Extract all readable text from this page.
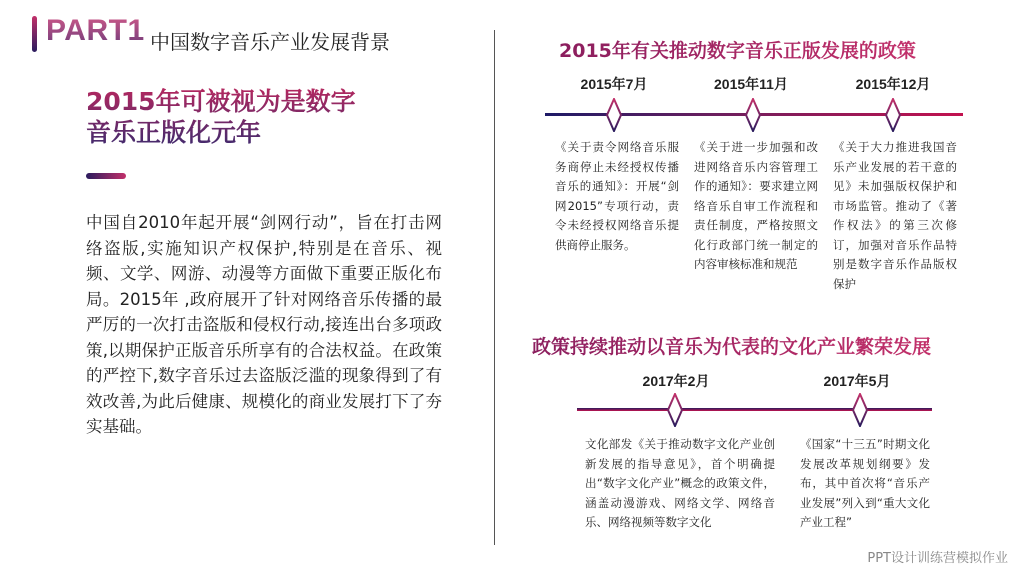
PART1 中国数字音乐产业发展背景
2015年可被视为是数字
音乐正版化元年
中国自2010年起开展“剑网行动”，旨在打击网络盗版,实施知识产权保护,特别是在音乐、视频、文学、网游、动漫等方面做下重要正版化布局。2015年 ,政府展开了针对网络音乐传播的最严厉的一次打击盗版和侵权行动,接连出台多项政策,以期保护正版音乐所享有的合法权益。在政策的严控下,数字音乐过去盗版泛滥的现象得到了有效改善,为此后健康、规模化的商业发展打下了夯实基础。
2015年有关推动数字音乐正版发展的政策
2015年7月	2015年11月	2015年12月
《关于责令网络音乐服务商停止未经授权传播音乐的通知》：开展“剑网2015”专项行动，责令未经授权网络音乐提供商停止服务。
《关于进一步加强和改进网络音乐内容管理工作的通知》：要求建立网络音乐自审工作流程和责任制度，严格按照文化行政部门统一制定的内容审核标准和规范
《关于大力推进我国音乐产业发展的若干意的见》未加强版权保护和市场监管。推动了《著作权法》的第三次修订，加强对音乐作品特别是数字音乐作品版权保护
政策持续推动以音乐为代表的文化产业繁荣发展
2017年2月	2017年5月
文化部发《关于推动数字文化产业创新发展的指导意见》，首个明确提出“数字文化产业”概念的政策文件，涵盖动漫游戏、网络文学、网络音乐、网络视频等数字文化
《国家“十三五”时期文化发展改革规划纲要》发布，其中首次将“音乐产业发展”列入到“重大文化产业工程”
PPT设计训练营模拟作业
